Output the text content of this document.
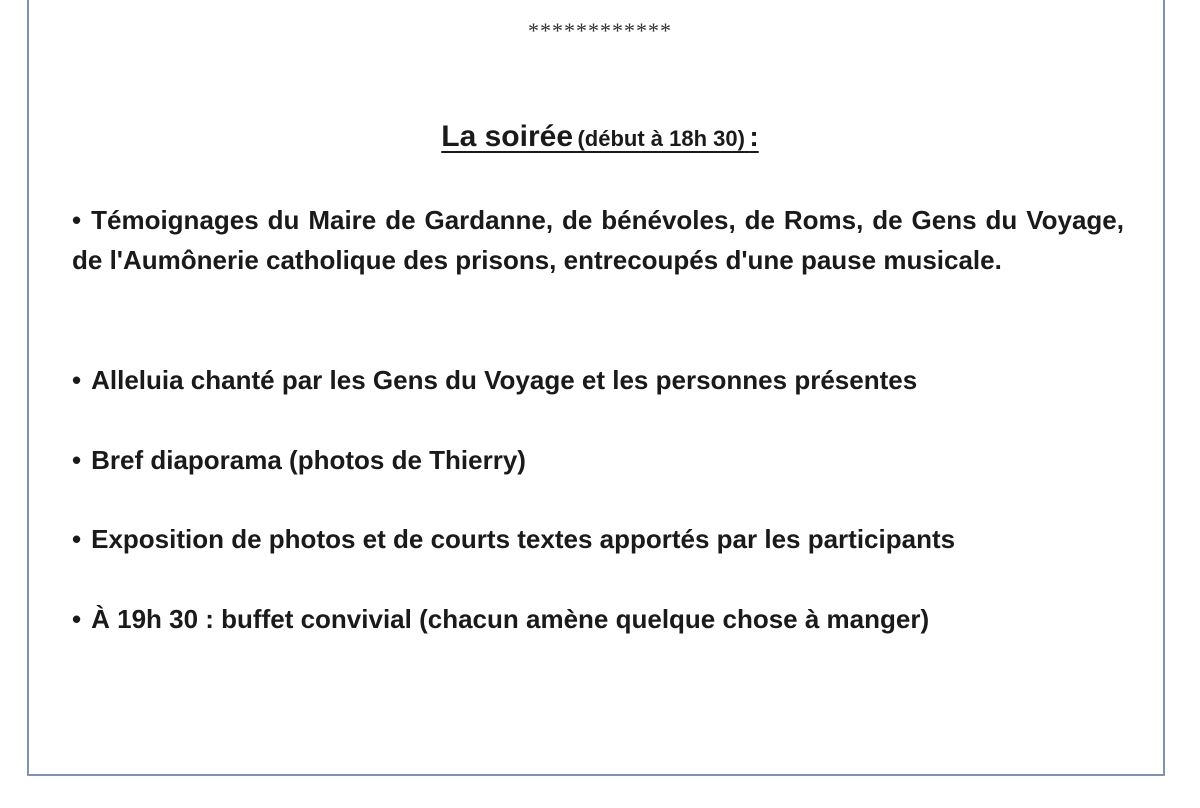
************
La soirée (début à 18h 30) :
• Témoignages du Maire de Gardanne, de bénévoles, de Roms, de Gens du Voyage, de l'Aumônerie catholique des prisons, entrecoupés d'une pause musicale.
• Alleluia chanté par les Gens du Voyage et les personnes présentes
• Bref diaporama (photos de Thierry)
• Exposition de photos et de courts textes apportés par les participants
• À 19h 30 : buffet convivial (chacun amène quelque chose à manger)
